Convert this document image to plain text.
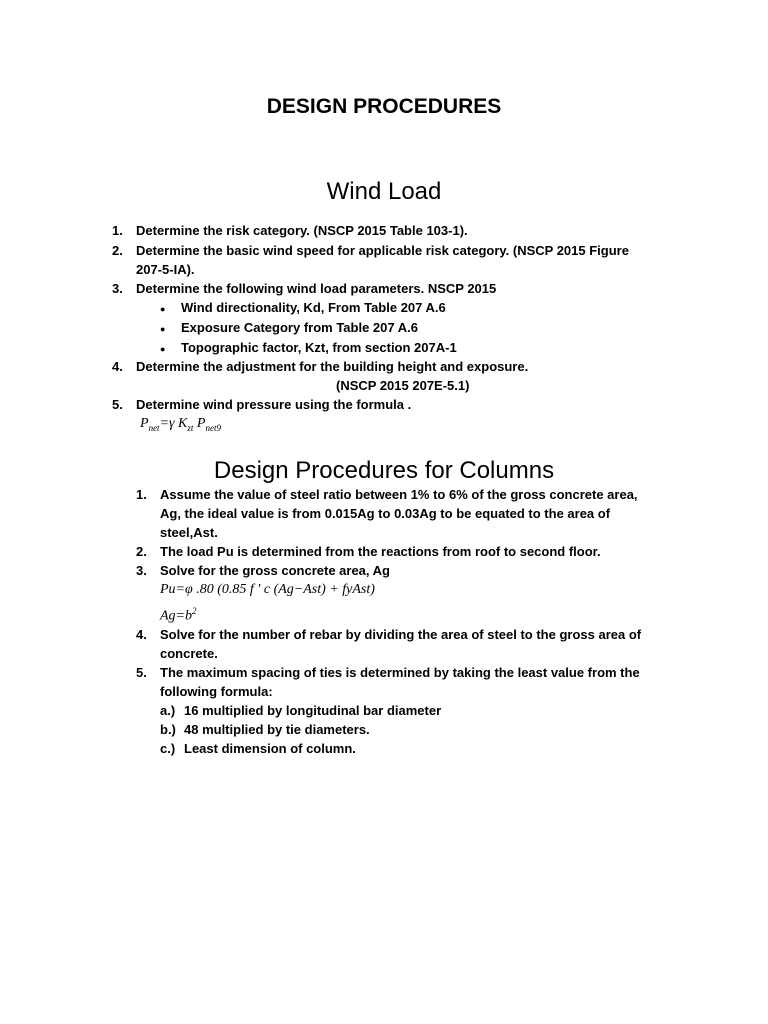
DESIGN PROCEDURES
Wind Load
1. Determine the risk category. (NSCP 2015 Table 103-1).
2. Determine the basic wind speed for applicable risk category. (NSCP 2015 Figure
207-5-IA).
3. Determine the following wind load parameters. NSCP 2015
● Wind directionality, Kd, From Table 207 A.6
● Exposure Category from Table 207 A.6
● Topographic factor, Kzt, from section 207A-1
4. Determine the adjustment for the building height and exposure.
(NSCP 2015 207E-5.1)
5. Determine wind pressure using the formula .
$P_{net}=\gamma$ $K_{zt}$ $P_{net9}$
Design Procedures for Columns
1. Assume the value of steel ratio between 1% to 6% of the gross concrete area,
Ag, the ideal value is from 0.015Ag to 0.03Ag to be equated to the area of
steel,Ast.
2. The load Pu is determined from the reactions from roof to second floor.
3. Solve for the gross concrete area, Ag
Pu=φ .80 (0.85 f ′ c (Ag−Ast) + fyAst)
$Ag=b^2$
4. Solve for the number of rebar by dividing the area of steel to the gross area of
concrete.
5. The maximum spacing of ties is determined by taking the least value from the
following formula:
a.) 16 multiplied by longitudinal bar diameter
b.) 48 multiplied by tie diameters.
c.) Least dimension of column.
